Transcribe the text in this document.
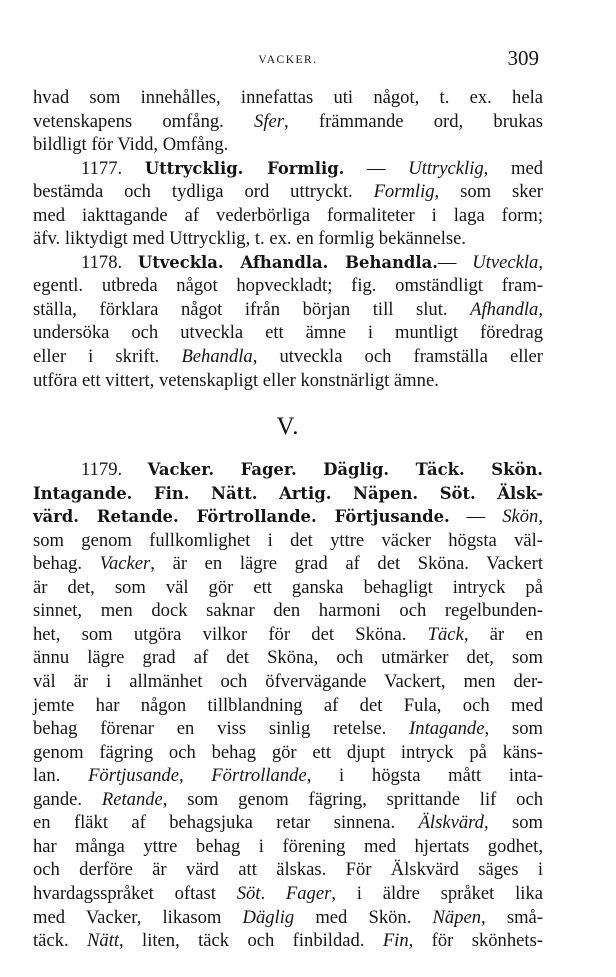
VACKER.	309
hvad som innehålles, innefattas uti något, t. ex. hela
vetenskapens omfång. Sfer, främmande ord, brukas
bildligt för Vidd, Omfång.
1177. Uttrycklig. Formlig. — Uttrycklig, med
bestämda och tydliga ord uttryckt. Formlig, som sker
med iakttagande af vederbörliga formaliteter i laga form;
äfv. liktydigt med Uttrycklig, t. ex. en formlig bekännelse.
1178. Utveckla. Afhandla. Behandla.— Utveckla,
egentl. utbreda något hopveckladt; fig. omständligt fram-
ställa, förklara något ifrån början till slut. Afhandla,
undersöka och utveckla ett ämne i muntligt föredrag
eller i skrift. Behandla, utveckla och framställa eller
utföra ett vittert, vetenskapligt eller konstnärligt ämne.
V.
1179. Vacker. Fager. Däglig. Täck. Skön.
Intagande. Fin. Nätt. Artig. Näpen. Söt. Älsk-
värd. Retande. Förtrollande. Förtjusande. — Skön,
som genom fullkomlighet i det yttre väcker högsta väl-
behag. Vacker, är en lägre grad af det Sköna. Vackert
är det, som väl gör ett ganska behagligt intryck på
sinnet, men dock saknar den harmoni och regelbunden-
het, som utgöra vilkor för det Sköna. Täck, är en
ännu lägre grad af det Sköna, och utmärker det, som
väl är i allmänhet och öfvervägande Vackert, men der-
jemte har någon tillblandning af det Fula, och med
behag förenar en viss sinlig retelse. Intagande, som
genom fägring och behag gör ett djupt intryck på käns-
lan. Förtjusande, Förtrollande, i högsta mått inta-
gande. Retande, som genom fägring, sprittande lif och
en fläkt af behagsjuka retar sinnena. Älskvärd, som
har många yttre behag i förening med hjertats godhet,
och derföre är värd att älskas. För Älskvärd säges i
hvardagsspråket oftast Söt. Fager, i äldre språket lika
med Vacker, likasom Däglig med Skön. Näpen, små-
täck. Nätt, liten, täck och finbildad. Fin, för skönhets-
